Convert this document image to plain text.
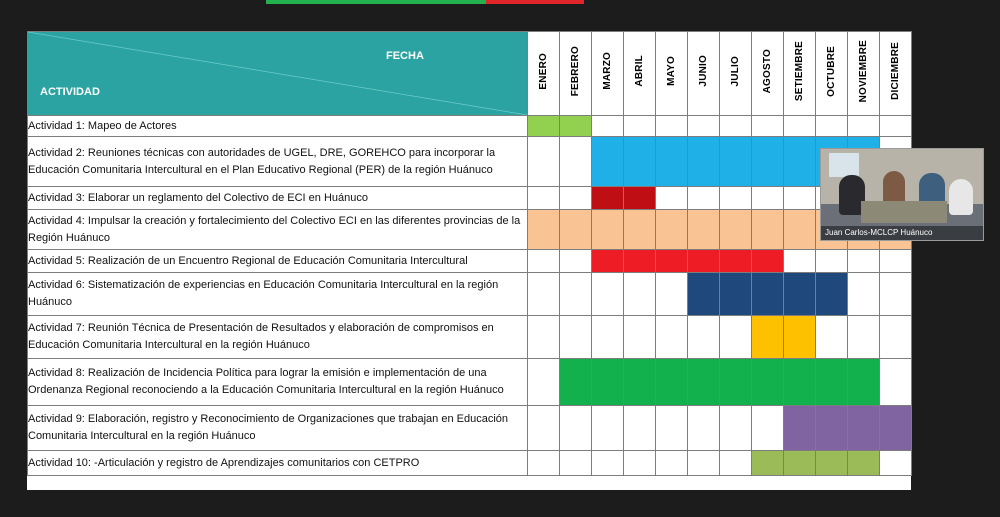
FECHA
ACTIVIDAD	ENERO	FEBRERO	MARZO	ABRIL	MAYO	JUNIO	JULIO	AGOSTO	SETIEMBRE	OCTUBRE	NOVIEMBRE	DICIEMBRE
Actividad 1: Mapeo de Actores												
Actividad 2: Reuniones técnicas con autoridades de UGEL, DRE, GOREHCO para incorporar la Educación Comunitaria Intercultural en el Plan Educativo Regional (PER) de la región Huánuco												
Actividad 3: Elaborar un reglamento del Colectivo de ECI en Huánuco												
Actividad 4: Impulsar la creación y fortalecimiento del Colectivo ECI en las diferentes provincias de la Región Huánuco												
Actividad 5: Realización de un Encuentro Regional de Educación Comunitaria Intercultural												
Actividad 6: Sistematización de experiencias en Educación Comunitaria Intercultural en la región Huánuco												
Actividad 7: Reunión Técnica de Presentación de Resultados y elaboración de compromisos en Educación Comunitaria Intercultural en la región Huánuco												
Actividad 8: Realización de Incidencia Política para lograr la emisión e implementación de una Ordenanza Regional reconociendo a la Educación Comunitaria Intercultural en la región Huánuco												
Actividad 9: Elaboración, registro y Reconocimiento de Organizaciones que trabajan en Educación Comunitaria Intercultural en la región Huánuco												
Actividad 10: -Articulación y registro de Aprendizajes comunitarios con CETPRO												
Juan Carlos-MCLCP Huánuco
